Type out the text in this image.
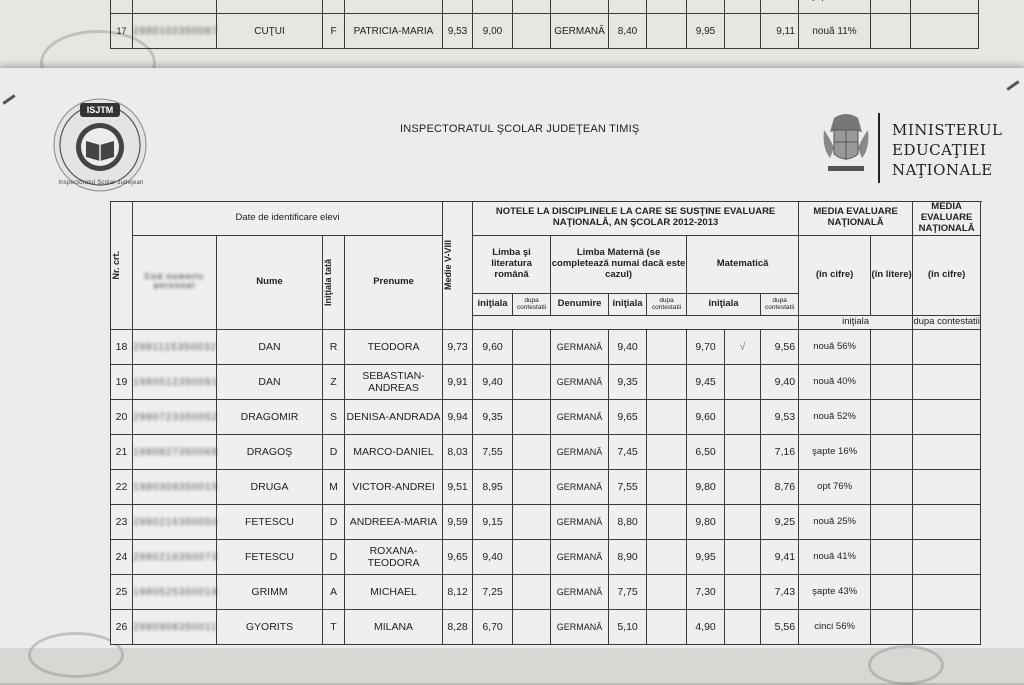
17	2980102350087	CUŢUI	F	PATRICIA-MARIA	9,53	9,00		GERMANĂ	8,40		9,95		9,11	nouă 11%		
ISJTM
Inspectoratul Şcolar Judeţean
INSPECTORATUL ŞCOLAR JUDEŢEAN TIMIŞ	MINISTERUL
EDUCAŢIEI
NAŢIONALE
Nr. crt.	Date de identificare elevi				Medie V-VIII	NOTELE LA DISCIPLINELE LA CARE SE SUSŢINE EVALUARE NAŢIONALĂ, AN ŞCOLAR 2012-2013								MEDIA EVALUARE NAŢIONALĂ		MEDIA EVALUARE NAŢIONALĂ	
	Cod numeric personal	Nume	Iniţiala tată	Prenume		Limba şi literatura română		Limba Maternă (se completează numai dacă este cazul)			Matematică			(în cifre)	(în litere)	(în cifre)	
						iniţiala	dupa contestatii	Denumire	iniţiala	dupa contestatii	iniţiala		dupa contestatii				
														iniţiala		dupa contestatii	
18	2981115350032	DAN	R	TEODORA	9,73	9,60		GERMANĂ	9,40		9,70	√	9,56	nouă 56%			
19	1980512350091	DAN	Z	SEBASTIAN-ANDREAS	9,91	9,40		GERMANĂ	9,35		9,45		9,40	nouă 40%			
20	2980723350052	DRAGOMIR	S	DENISA-ANDRADA	9,94	9,35		GERMANĂ	9,65		9,60		9,53	nouă 52%			
21	1980827350068	DRAGOŞ	D	MARCO-DANIEL	8,03	7,55		GERMANĂ	7,45		6,50		7,16	şapte 16%			
22	1980309350015	DRUGA	M	VICTOR-ANDREI	9,51	8,95		GERMANĂ	7,55		9,80		8,76	opt 76%			
23	2980216350050	FETESCU	D	ANDREEA-MARIA	9,59	9,15		GERMANĂ	8,80		9,80		9,25	nouă 25%			
24	2980216350073	FETESCU	D	ROXANA-TEODORA	9,65	9,40		GERMANĂ	8,90		9,95		9,41	nouă 41%			
25	1980525350018	GRIMM	A	MICHAEL	8,12	7,25		GERMANĂ	7,75		7,30		7,43	şapte 43%			
26	2980908350011	GYORITS	T	MILANA	8,28	6,70		GERMANĂ	5,10		4,90		5,56	cinci 56%			
